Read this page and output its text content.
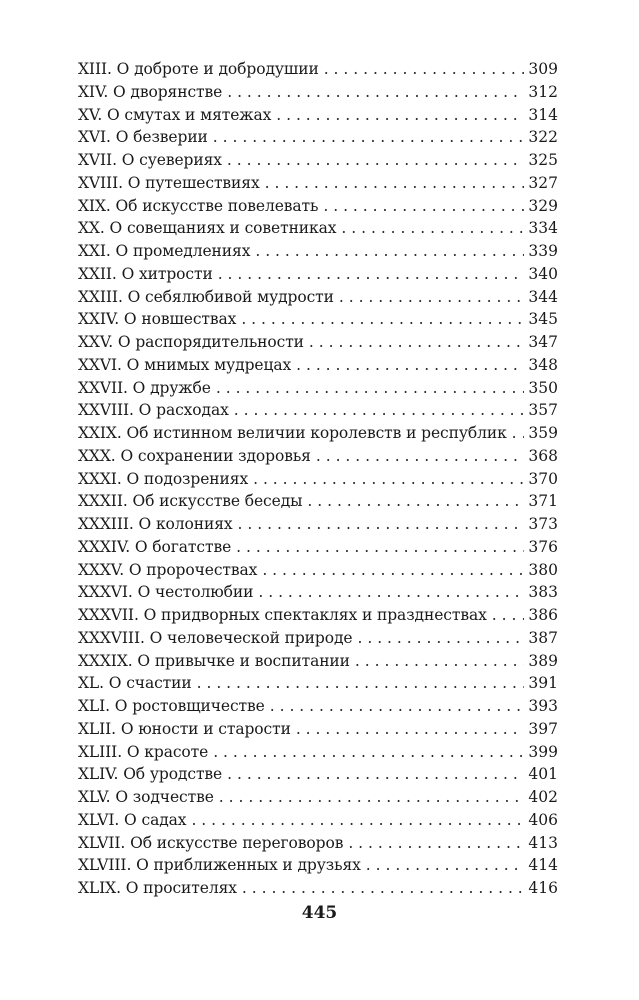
XIII. О доброте и добродушии . . .	309
XIV. О дворянстве . . .	312
XV. О смутах и мятежах . . .	314
XVI. О безверии . . .	322
XVII. О суевериях . . .	325
XVIII. О путешествиях . . .	327
XIX. Об искусстве повелевать . . .	329
XX. О совещаниях и советниках . . .	334
XXI. О промедлениях . . .	339
XXII. О хитрости . . .	340
XXIII. О себялюбивой мудрости . . .	344
XXIV. О новшествах . . .	345
XXV. О распорядительности . . .	347
XXVI. О мнимых мудрецах . . .	348
XXVII. О дружбе . . .	350
XXVIII. О расходах . . .	357
XXIX. Об истинном величии королевств и республик . . . 359
XXX. О сохранении здоровья . . .	368
XXXI. О подозрениях . . .	370
XXXII. Об искусстве беседы . . .	371
XXXIII. О колониях . . .	373
XXXIV. О богатстве . . .	376
XXXV. О пророчествах . . .	380
XXXVI. О честолюбии . . .	383
XXXVII. О придворных спектаклях и празднествах . . .	386
XXXVIII. О человеческой природе . . .	387
XXXIX. О привычке и воспитании . . .	389
XL. О счастии . . .	391
XLI. О ростовщичестве . . .	393
XLII. О юности и старости . . .	397
XLIII. О красоте . . .	399
XLIV. Об уродстве . . .	401
XLV. О зодчестве . . .	402
XLVI. О садах . . .	406
XLVII. Об искусстве переговоров . . .	413
XLVIII. О приближенных и друзьях . . .	414
XLIX. О просителях . . .	416
445
